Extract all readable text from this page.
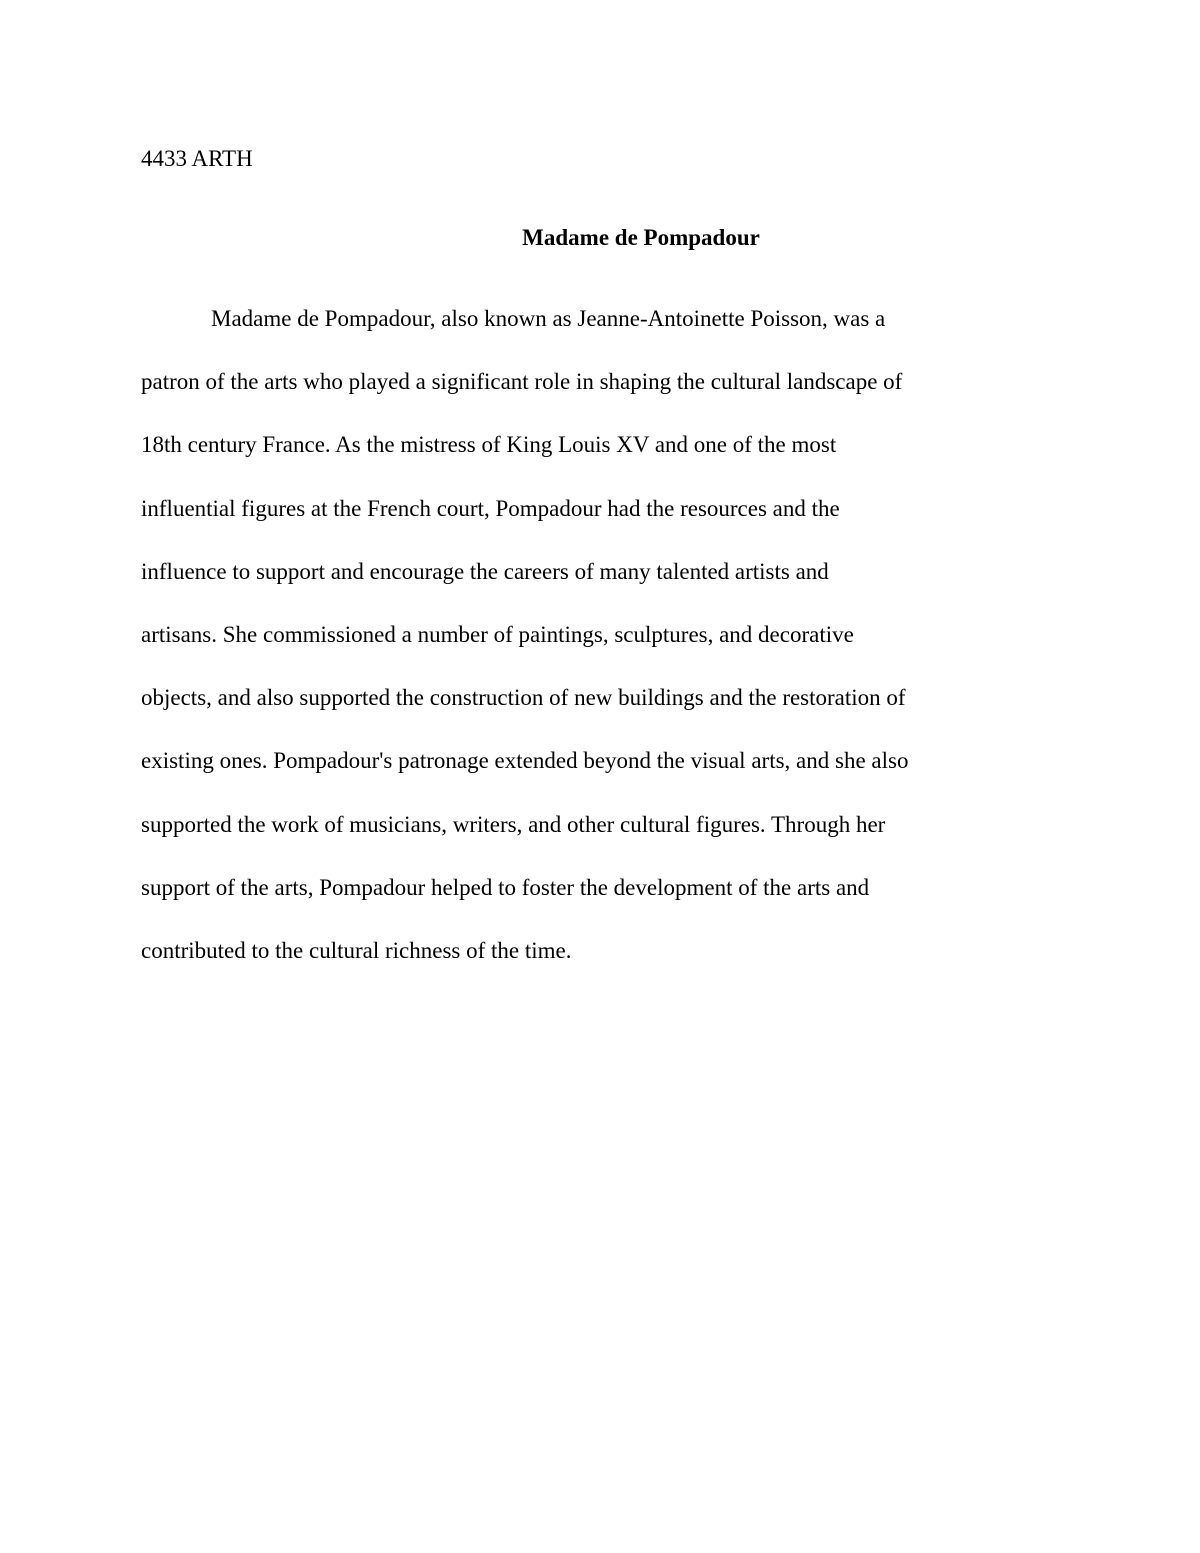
4433 ARTH
Madame de Pompadour
Madame de Pompadour, also known as Jeanne-Antoinette Poisson, was a
patron of the arts who played a significant role in shaping the cultural landscape of
18th century France. As the mistress of King Louis XV and one of the most
influential figures at the French court, Pompadour had the resources and the
influence to support and encourage the careers of many talented artists and
artisans. She commissioned a number of paintings, sculptures, and decorative
objects, and also supported the construction of new buildings and the restoration of
existing ones. Pompadour's patronage extended beyond the visual arts, and she also
supported the work of musicians, writers, and other cultural figures. Through her
support of the arts, Pompadour helped to foster the development of the arts and
contributed to the cultural richness of the time.
